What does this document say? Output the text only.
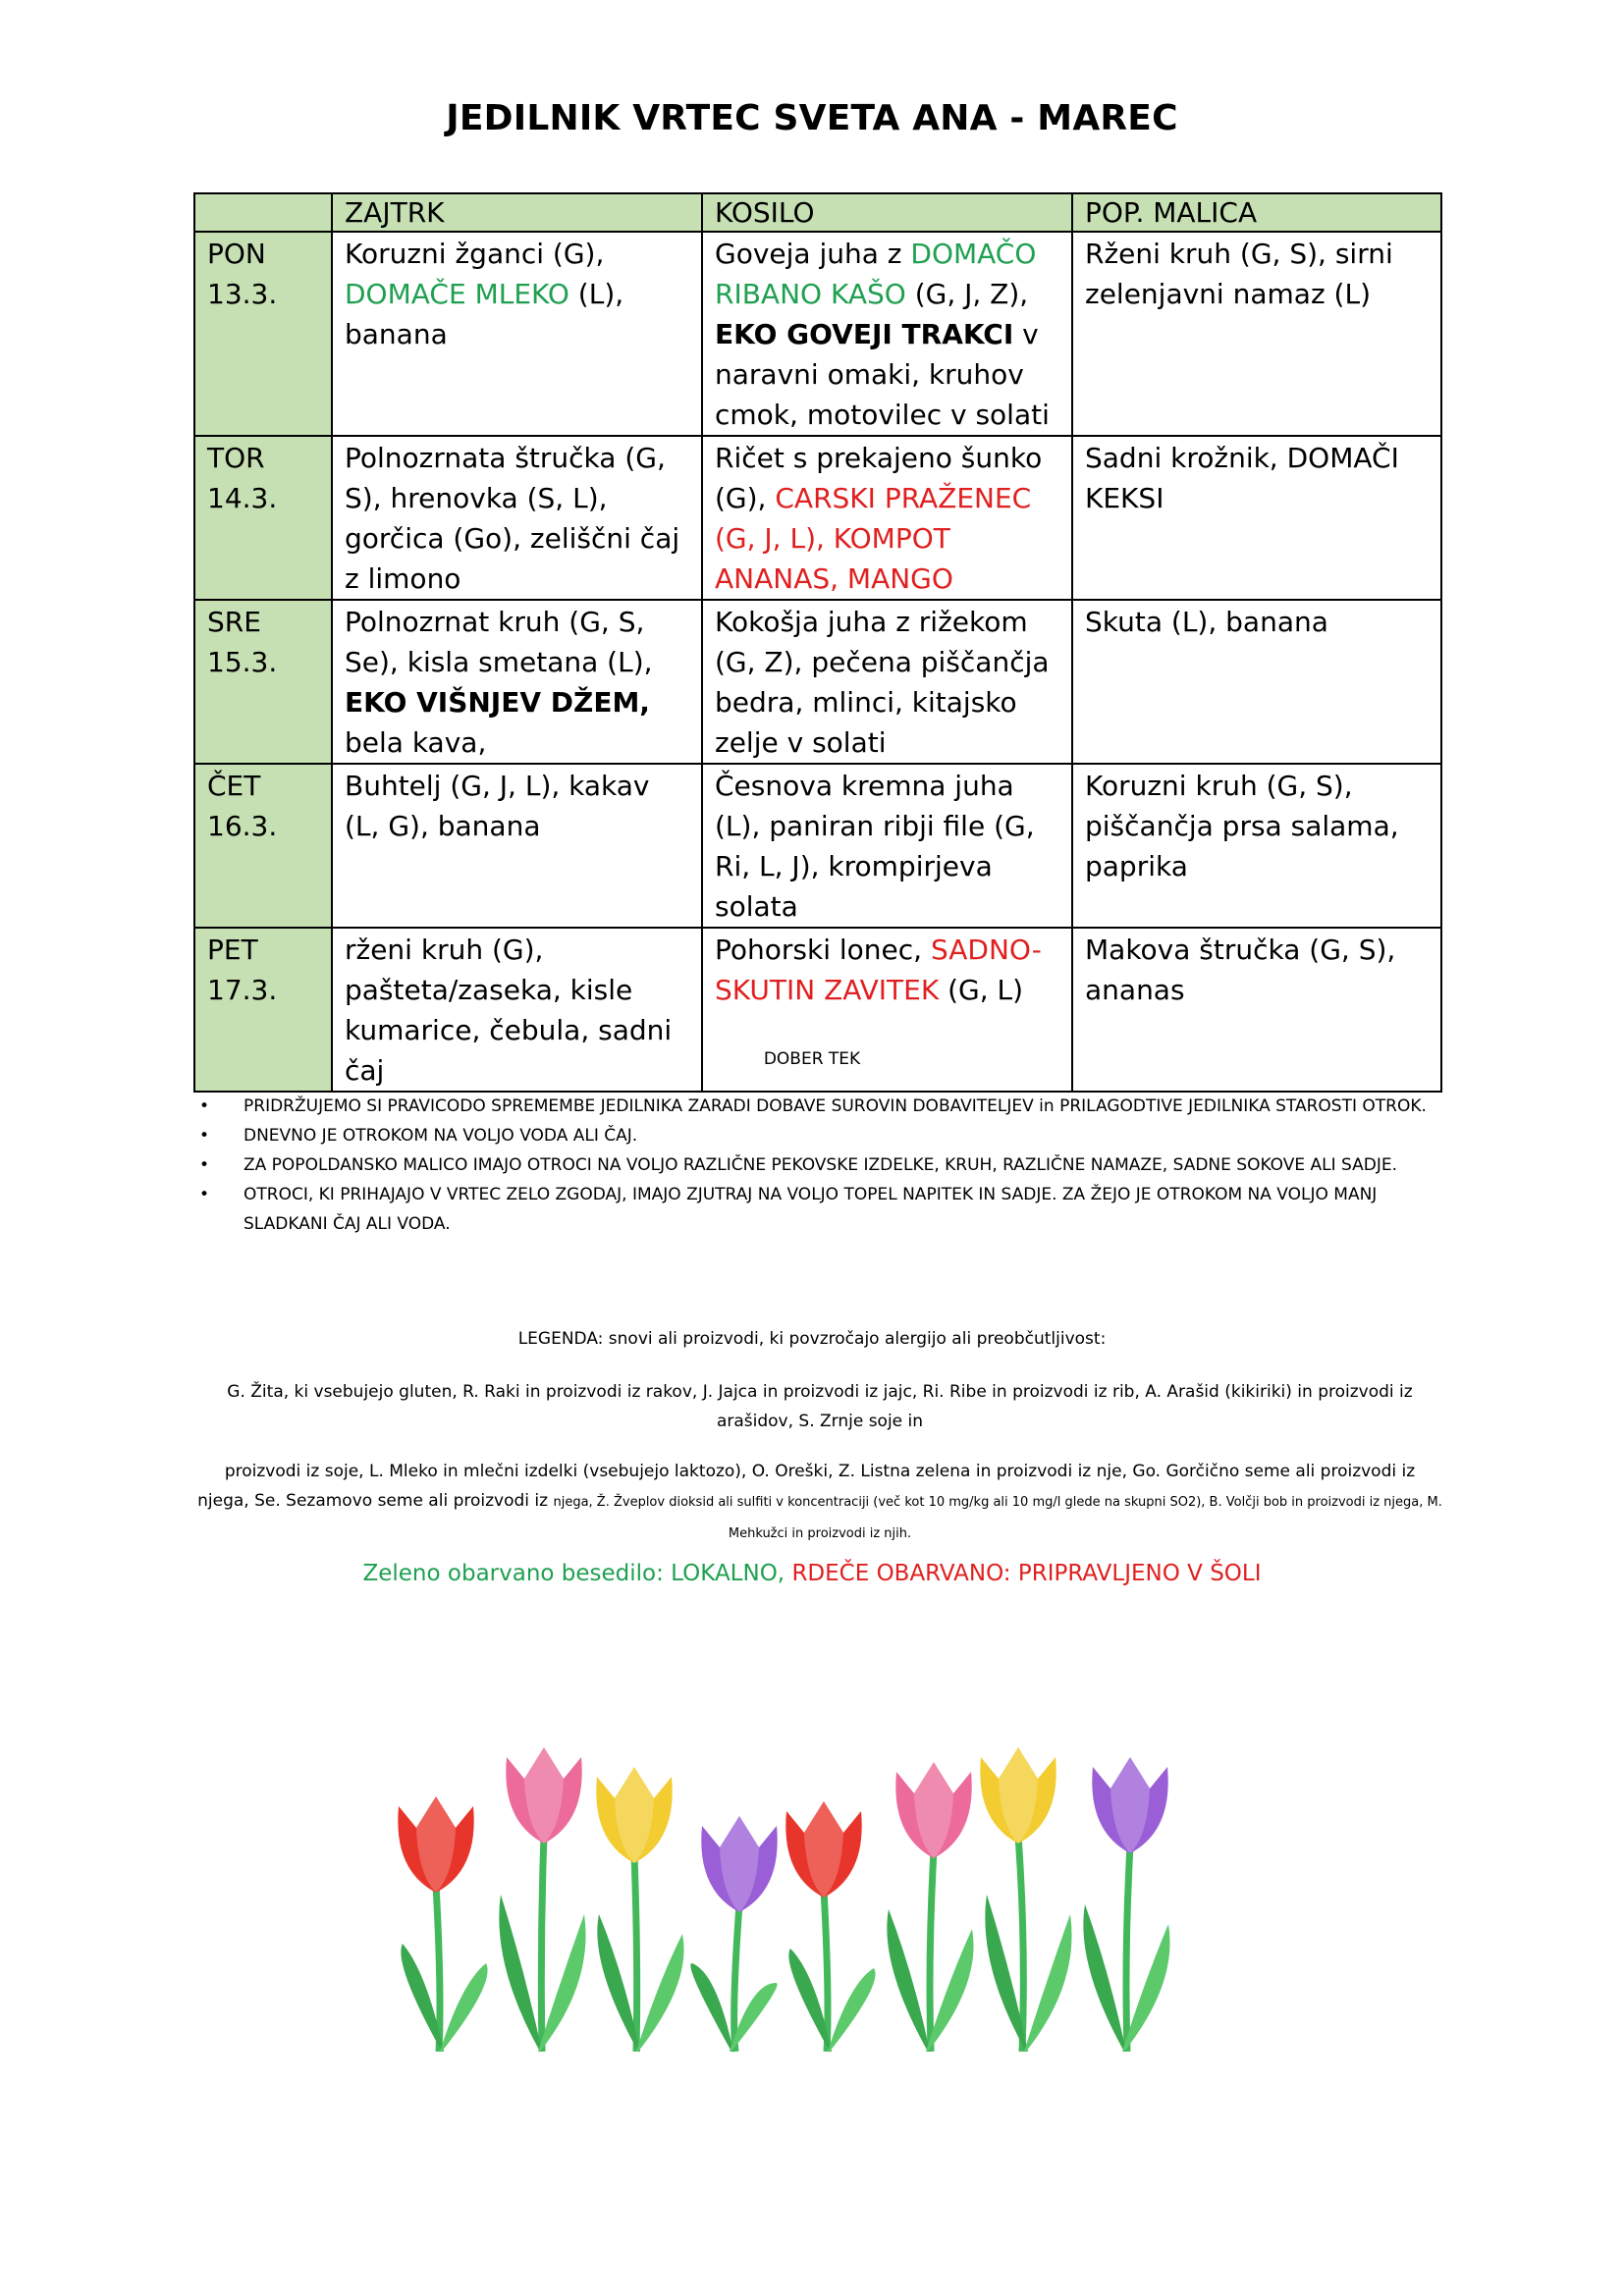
JEDILNIK VRTEC SVETA ANA - MAREC
	ZAJTRK	KOSILO	POP. MALICA

PON
13.3.	Koruzni žganci (G), DOMAČE MLEKO (L), banana	Goveja juha z DOMAČO RIBANO KAŠO (G, J, Z), EKO GOVEJI TRAKCI v naravni omaki, kruhov cmok, motovilec v solati	Rženi kruh (G, S), sirni zelenjavni namaz (L)

TOR
14.3.	Polnozrnata štručka (G, S), hrenovka (S, L), gorčica (Go), zeliščni čaj z limono	Ričet s prekajeno šunko (G), CARSKI PRAŽENEC (G, J, L), KOMPOT ANANAS, MANGO	Sadni krožnik, DOMAČI KEKSI

SRE
15.3.	Polnozrnat kruh (G, S, Se), kisla smetana (L), EKO VIŠNJEV DŽEM, bela kava,	Kokošja juha z rižekom (G, Z), pečena piščančja bedra, mlinci, kitajsko zelje v solati	Skuta (L), banana

ČET
16.3.	Buhtelj (G, J, L), kakav (L, G), banana	Česnova kremna juha (L), paniran ribji file (G, Ri, L, J), krompirjeva solata	Koruzni kruh (G, S), piščančja prsa salama, paprika

PET
17.3.	rženi kruh (G), pašteta/zaseka, kisle kumarice, čebula, sadni čaj	Pohorski lonec, SADNO-SKUTIN ZAVITEK (G, L)	Makova štručka (G, S), ananas
DOBER TEK
• PRIDRŽUJEMO SI PRAVICODO SPREMEMBE JEDILNIKA ZARADI DOBAVE SUROVIN DOBAVITELJEV in PRILAGODTIVE JEDILNIKA STAROSTI OTROK.
• DNEVNO JE OTROKOM NA VOLJO VODA ALI ČAJ.
• ZA POPOLDANSKO MALICO IMAJO OTROCI NA VOLJO RAZLIČNE PEKOVSKE IZDELKE, KRUH, RAZLIČNE NAMAZE, SADNE SOKOVE ALI SADJE.
• OTROCI, KI PRIHAJAJO V VRTEC ZELO ZGODAJ, IMAJO ZJUTRAJ NA VOLJO TOPEL NAPITEK IN SADJE. ZA ŽEJO JE OTROKOM NA VOLJO MANJ SLADKANI ČAJ ALI VODA.
LEGENDA: snovi ali proizvodi, ki povzročajo alergijo ali preobčutljivost:
G. Žita, ki vsebujejo gluten, R. Raki in proizvodi iz rakov, J. Jajca in proizvodi iz jajc, Ri. Ribe in proizvodi iz rib, A. Arašid (kikiriki) in proizvodi iz arašidov, S. Zrnje soje in
proizvodi iz soje, L. Mleko in mlečni izdelki (vsebujejo laktozo), O. Oreški, Z. Listna zelena in proizvodi iz nje, Go. Gorčično seme ali proizvodi iz njega, Se. Sezamovo seme ali proizvodi iz njega, Ž. Žveplov dioksid ali sulfiti v koncentraciji (več kot 10 mg/kg ali 10 mg/l glede na skupni SO2), B. Volčji bob in proizvodi iz njega, M. Mehkužci in proizvodi iz njih.
Zeleno obarvano besedilo: LOKALNO, RDEČE OBARVANO: PRIPRAVLJENO V ŠOLI
